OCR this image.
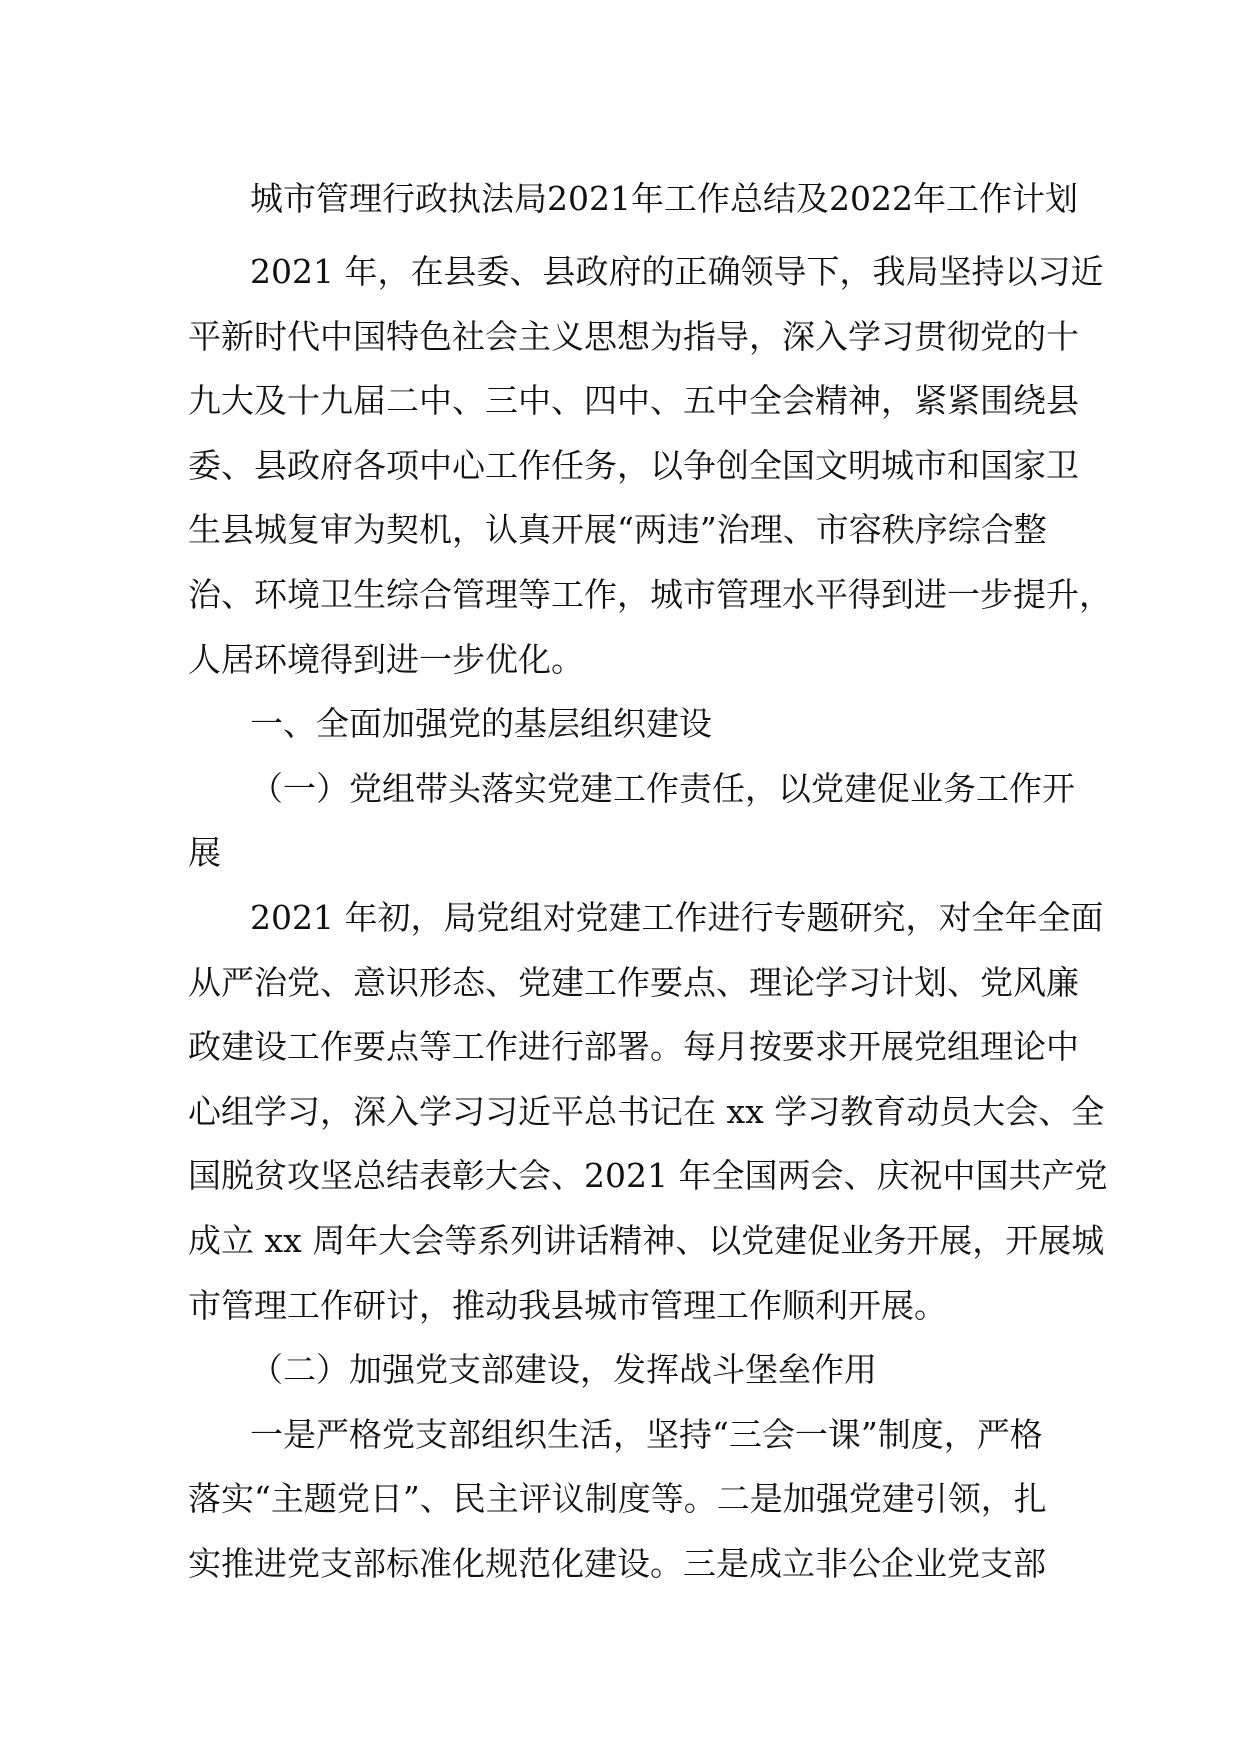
城市管理行政执法局2021年工作总结及2022年工作计划
2021 年，在县委、县政府的正确领导下，我局坚持以习近
平新时代中国特色社会主义思想为指导，深入学习贯彻党的十
九大及十九届二中、三中、四中、五中全会精神，紧紧围绕县
委、县政府各项中心工作任务，以争创全国文明城市和国家卫
生县城复审为契机，认真开展“两违”治理、市容秩序综合整
治、环境卫生综合管理等工作，城市管理水平得到进一步提升，
人居环境得到进一步优化。
一、全面加强党的基层组织建设
（一）党组带头落实党建工作责任，以党建促业务工作开
展
2021 年初，局党组对党建工作进行专题研究，对全年全面
从严治党、意识形态、党建工作要点、理论学习计划、党风廉
政建设工作要点等工作进行部署。每月按要求开展党组理论中
心组学习，深入学习习近平总书记在 xx 学习教育动员大会、全
国脱贫攻坚总结表彰大会、2021 年全国两会、庆祝中国共产党
成立 xx 周年大会等系列讲话精神、以党建促业务开展，开展城
市管理工作研讨，推动我县城市管理工作顺利开展。
（二）加强党支部建设，发挥战斗堡垒作用
一是严格党支部组织生活，坚持“三会一课”制度，严格
落实“主题党日”、民主评议制度等。二是加强党建引领，扎
实推进党支部标准化规范化建设。三是成立非公企业党支部
